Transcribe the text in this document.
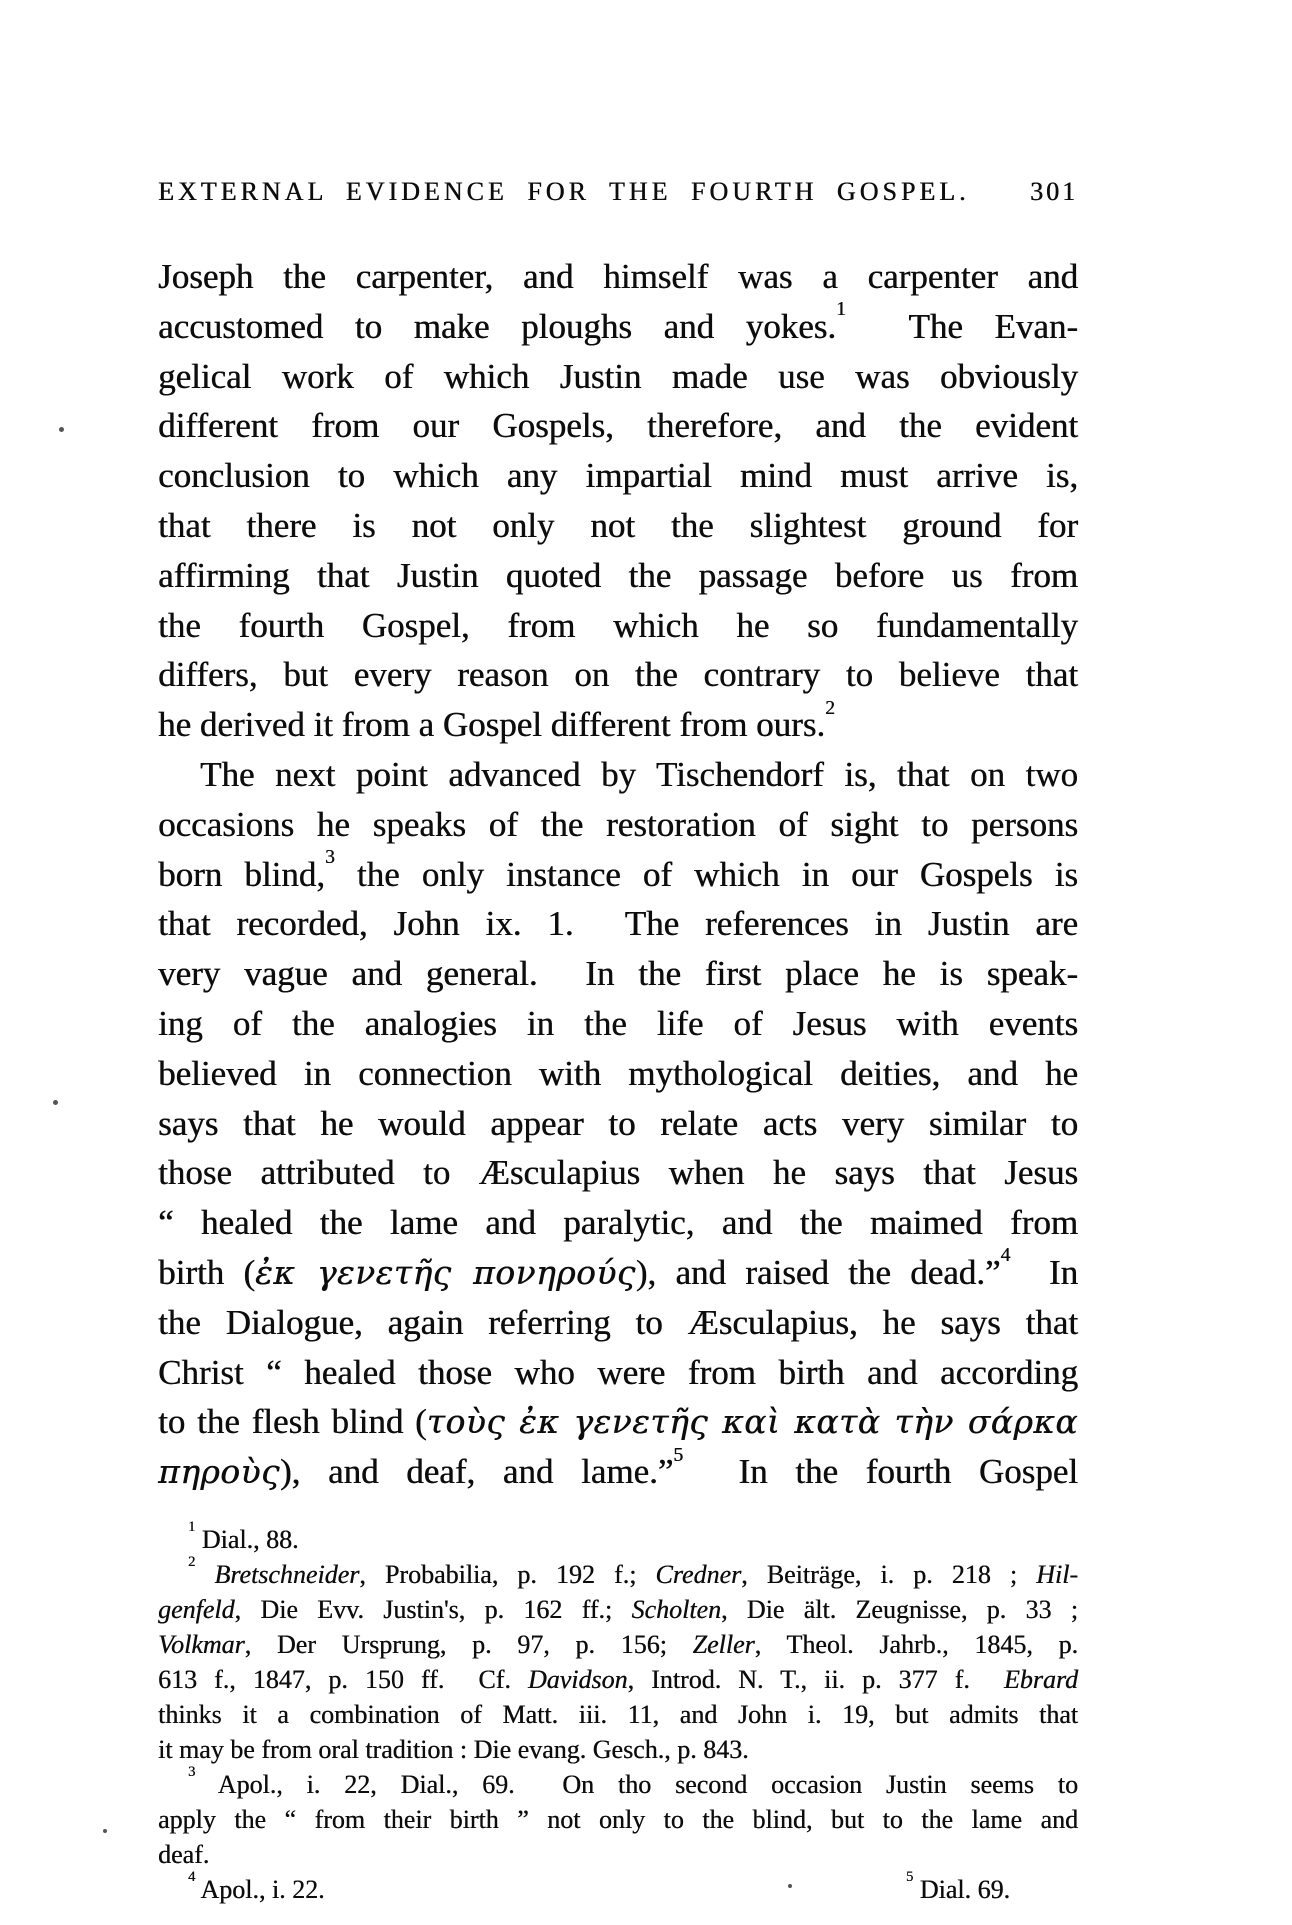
EXTERNAL EVIDENCE FOR THE FOURTH GOSPEL. 301
Joseph the carpenter, and himself was a carpenter and
accustomed to make ploughs and yokes.$^1$  The Evan-
gelical work of which Justin made use was obviously
different from our Gospels, therefore, and the evident
conclusion to which any impartial mind must arrive is,
that there is not only not the slightest ground for
affirming that Justin quoted the passage before us from
the fourth Gospel, from which he so fundamentally
differs, but every reason on the contrary to believe that
he derived it from a Gospel different from ours.$^2$
The next point advanced by Tischendorf is, that on two
occasions he speaks of the restoration of sight to persons
born blind,$^3$ the only instance of which in our Gospels is
that recorded, John ix. 1.  The references in Justin are
very vague and general.  In the first place he is speak-
ing of the analogies in the life of Jesus with events
believed in connection with mythological deities, and he
says that he would appear to relate acts very similar to
those attributed to Æsculapius when he says that Jesus
“ healed the lame and paralytic, and the maimed from
birth (ἐκ γενετῆς πονηρούς), and raised the dead.”$^4$  In
the Dialogue, again referring to Æsculapius, he says that
Christ “ healed those who were from birth and according
to the flesh blind (τοὺς ἐκ γενετῆς καὶ κατὰ τὴν σάρκα
πηροὺς), and deaf, and lame.”$^5$  In the fourth Gospel
$^1$ Dial., 88.
$^2$ Bretschneider, Probabilia, p. 192 f.; Credner, Beiträge, i. p. 218 ; Hil-
genfeld, Die Evv. Justin's, p. 162 ff.; Scholten, Die ält. Zeugnisse, p. 33 ;
Volkmar, Der Ursprung, p. 97, p. 156; Zeller, Theol. Jahrb., 1845, p.
613 f., 1847, p. 150 ff.  Cf. Davidson, Introd. N. T., ii. p. 377 f.  Ebrard
thinks it a combination of Matt. iii. 11, and John i. 19, but admits that
it may be from oral tradition : Die evang. Gesch., p. 843.
$^3$ Apol., i. 22, Dial., 69.  On tho second occasion Justin seems to
apply the “ from their birth ” not only to the blind, but to the lame and
deaf.
$^4$ Apol., i. 22.	$^5$ Dial. 69.
